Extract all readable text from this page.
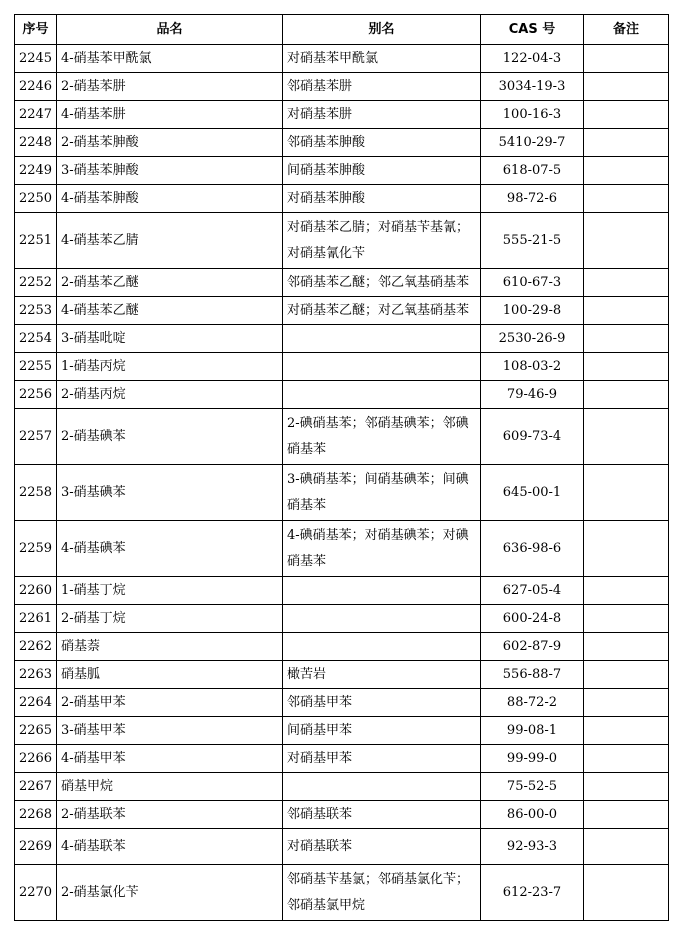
序号	品名	别名	CAS 号	备注
2245	4-硝基苯甲酰氯	对硝基苯甲酰氯	122-04-3	
2246	2-硝基苯肼	邻硝基苯肼	3034-19-3	
2247	4-硝基苯肼	对硝基苯肼	100-16-3	
2248	2-硝基苯胂酸	邻硝基苯胂酸	5410-29-7	
2249	3-硝基苯胂酸	间硝基苯胂酸	618-07-5	
2250	4-硝基苯胂酸	对硝基苯胂酸	98-72-6	
2251	4-硝基苯乙腈	对硝基苯乙腈；对硝基苄基氰；对硝基氰化苄	555-21-5	
2252	2-硝基苯乙醚	邻硝基苯乙醚；邻乙氧基硝基苯	610-67-3	
2253	4-硝基苯乙醚	对硝基苯乙醚；对乙氧基硝基苯	100-29-8	
2254	3-硝基吡啶		2530-26-9	
2255	1-硝基丙烷		108-03-2	
2256	2-硝基丙烷		79-46-9	
2257	2-硝基碘苯	2-碘硝基苯；邻硝基碘苯；邻碘硝基苯	609-73-4	
2258	3-硝基碘苯	3-碘硝基苯；间硝基碘苯；间碘硝基苯	645-00-1	
2259	4-硝基碘苯	4-碘硝基苯；对硝基碘苯；对碘硝基苯	636-98-6	
2260	1-硝基丁烷		627-05-4	
2261	2-硝基丁烷		600-24-8	
2262	硝基萘		602-87-9	
2263	硝基胍	橄苦岩	556-88-7	
2264	2-硝基甲苯	邻硝基甲苯	88-72-2	
2265	3-硝基甲苯	间硝基甲苯	99-08-1	
2266	4-硝基甲苯	对硝基甲苯	99-99-0	
2267	硝基甲烷		75-52-5	
2268	2-硝基联苯	邻硝基联苯	86-00-0	
2269	4-硝基联苯	对硝基联苯	92-93-3	
2270	2-硝基氯化苄	邻硝基苄基氯；邻硝基氯化苄；邻硝基氯甲烷	612-23-7	
